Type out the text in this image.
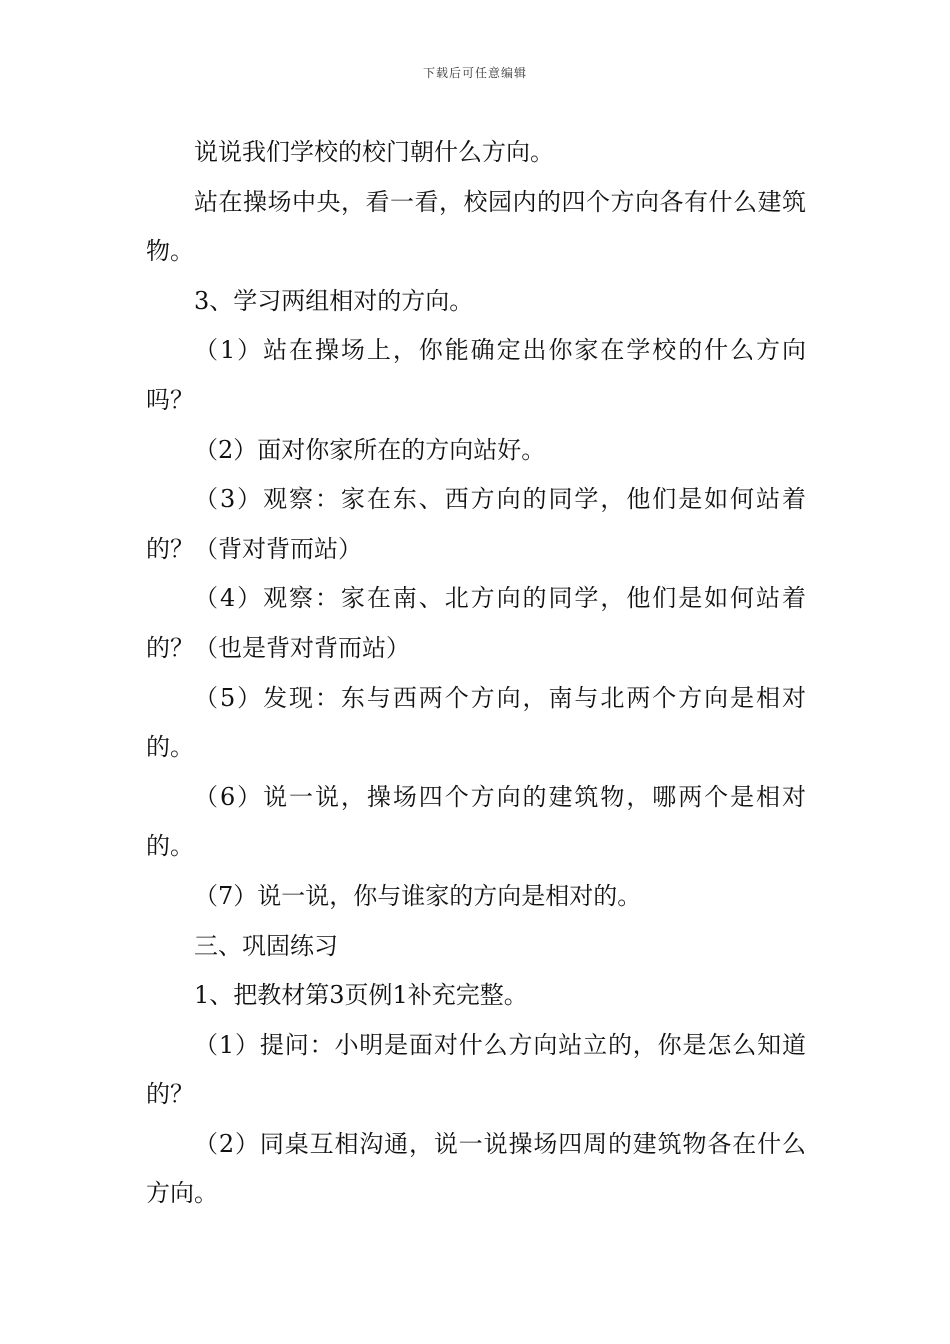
下载后可任意编辑

说说我们学校的校门朝什么方向。

站在操场中央，看一看，校园内的四个方向各有什么建筑物。

3、学习两组相对的方向。

（1）站在操场上，你能确定出你家在学校的什么方向吗？

（2）面对你家所在的方向站好。

（3）观察：家在东、西方向的同学，他们是如何站着的？（背对背而站）

（4）观察：家在南、北方向的同学，他们是如何站着的？（也是背对背而站）

（5）发现：东与西两个方向，南与北两个方向是相对的。

（6）说一说，操场四个方向的建筑物，哪两个是相对的。

（7）说一说，你与谁家的方向是相对的。

三、巩固练习

1、把教材第3页例1补充完整。

（1）提问：小明是面对什么方向站立的，你是怎么知道的？

（2）同桌互相沟通，说一说操场四周的建筑物各在什么方向。
